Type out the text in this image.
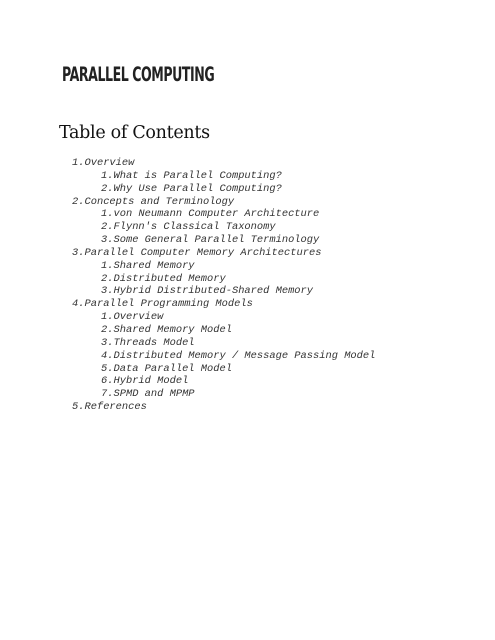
PARALLEL COMPUTING
Table of Contents
1.Overview
1.What is Parallel Computing?
2.Why Use Parallel Computing?
2.Concepts and Terminology
1.von Neumann Computer Architecture
2.Flynn's Classical Taxonomy
3.Some General Parallel Terminology
3.Parallel Computer Memory Architectures
1.Shared Memory
2.Distributed Memory
3.Hybrid Distributed-Shared Memory
4.Parallel Programming Models
1.Overview
2.Shared Memory Model
3.Threads Model
4.Distributed Memory / Message Passing Model
5.Data Parallel Model
6.Hybrid Model
7.SPMD and MPMP
5.References
